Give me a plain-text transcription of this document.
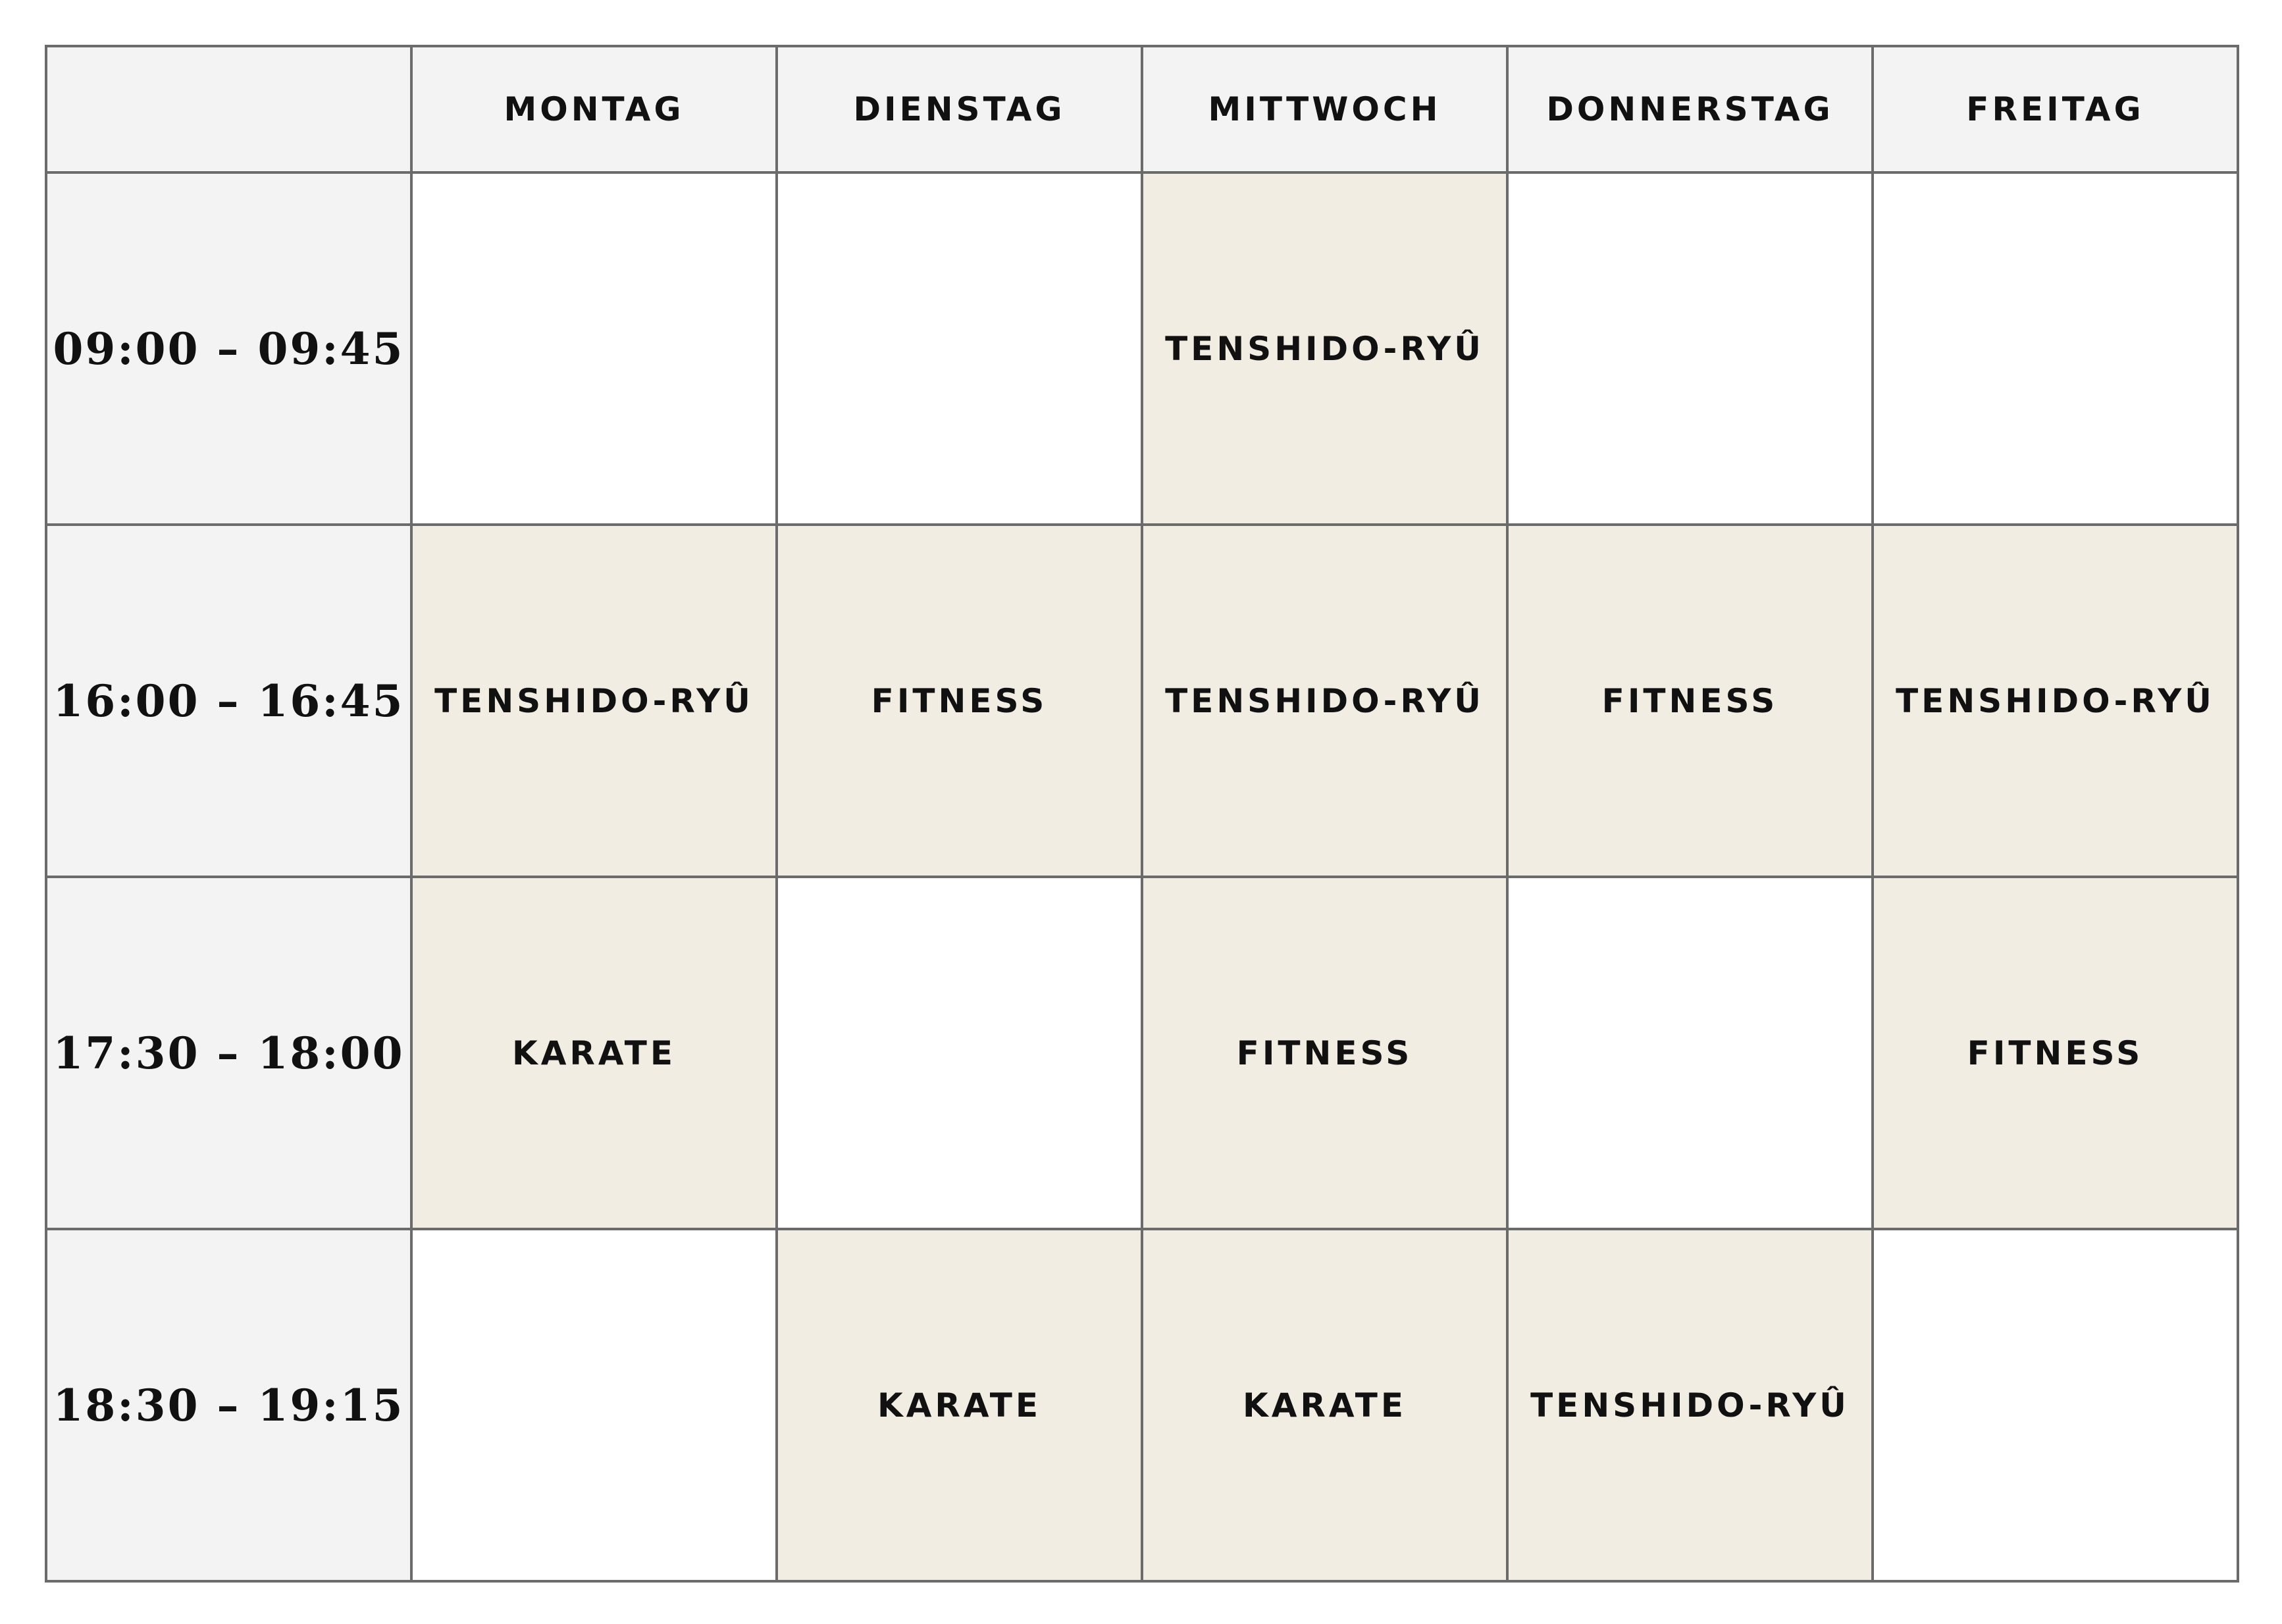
	MONTAG	DIENSTAG	MITTWOCH	DONNERSTAG	FREITAG
09:00 – 09:45			TENSHIDO-RYÛ		
16:00 – 16:45	TENSHIDO-RYÛ	FITNESS	TENSHIDO-RYÛ	FITNESS	TENSHIDO-RYÛ
17:30 – 18:00	KARATE		FITNESS		FITNESS
18:30 – 19:15		KARATE	KARATE	TENSHIDO-RYÛ	
